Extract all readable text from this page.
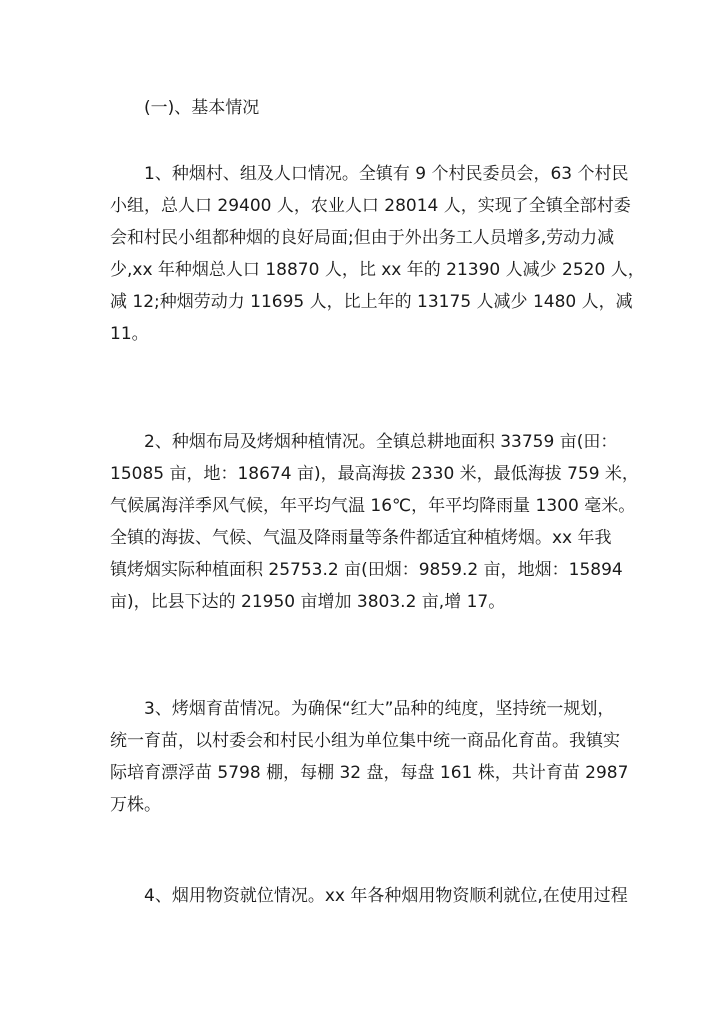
(一)、基本情况
1、种烟村、组及人口情况。全镇有 9 个村民委员会，63 个村民
小组，总人口 29400 人，农业人口 28014 人，实现了全镇全部村委
会和村民小组都种烟的良好局面;但由于外出务工人员增多,劳动力减
少,xx 年种烟总人口 18870 人，比 xx 年的 21390 人减少 2520 人，
减 12;种烟劳动力 11695 人，比上年的 13175 人减少 1480 人，减
11。
2、种烟布局及烤烟种植情况。全镇总耕地面积 33759 亩(田：
15085 亩，地：18674 亩)，最高海拔 2330 米，最低海拔 759 米，
气候属海洋季风气候，年平均气温 16℃，年平均降雨量 1300 毫米。
全镇的海拔、气候、气温及降雨量等条件都适宜种植烤烟。xx 年我
镇烤烟实际种植面积 25753.2 亩(田烟：9859.2 亩，地烟：15894
亩)，比县下达的 21950 亩增加 3803.2 亩,增 17。
3、烤烟育苗情况。为确保“红大”品种的纯度，坚持统一规划，
统一育苗，以村委会和村民小组为单位集中统一商品化育苗。我镇实
际培育漂浮苗 5798 棚，每棚 32 盘，每盘 161 株，共计育苗 2987
万株。
4、烟用物资就位情况。xx 年各种烟用物资顺利就位,在使用过程
